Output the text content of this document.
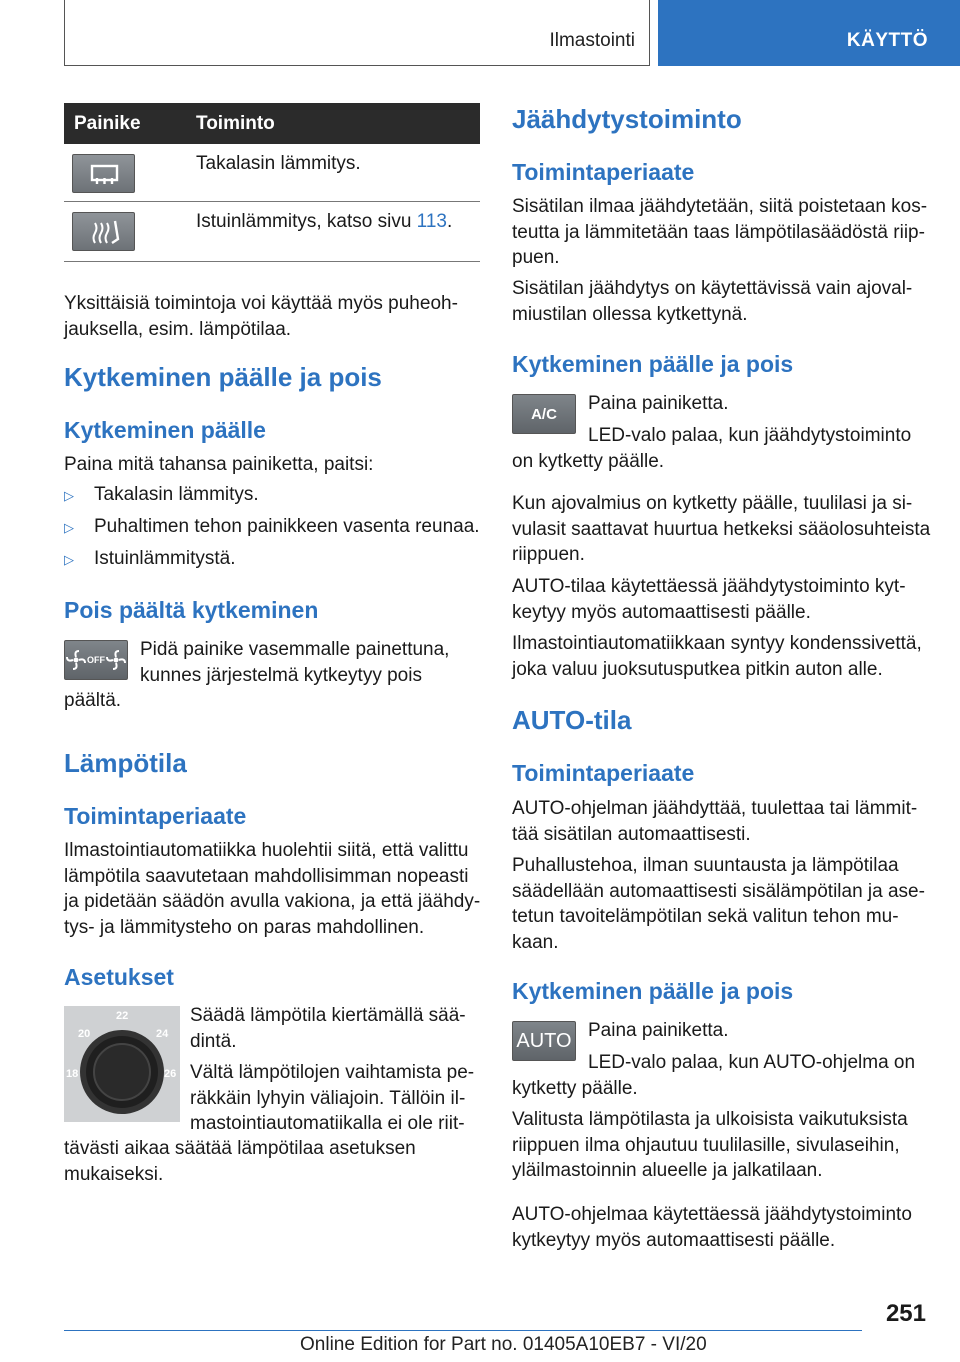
Ilmastointi	KÄYTTÖ
Painike	Toiminto
Takalasin lämmitys.
Istuinlämmitys, katso sivu 113.
Yksittäisiä toimintoja voi käyttää myös puheoh-
jauksella, esim. lämpötilaa.
Kytkeminen päälle ja pois
Kytkeminen päälle
Paina mitä tahansa painiketta, paitsi:
▷ Takalasin lämmitys.
▷ Puhaltimen tehon painikkeen vasenta reunaa.
▷ Istuinlämmitystä.
Pois päältä kytkeminen
OFF Pidä painike vasemmalle painettuna,
kunnes järjestelmä kytkeytyy pois
päältä.
Lämpötila
Toimintaperiaate
Ilmastointiautomatiikka huolehtii siitä, että valittu
lämpötila saavutetaan mahdollisimman nopeasti
ja pidetään säädön avulla vakiona, ja että jäähdy-
tys- ja lämmitysteho on paras mahdollinen.
Asetukset
20
22
24
18	26
Säädä lämpötila kiertämällä sää-
dintä.
Vältä lämpötilojen vaihtamista pe-
räkkäin lyhyin väliajoin. Tällöin il-
mastointiautomatiikalla ei ole riit-
tävästi aikaa säätää lämpötilaa asetuksen
mukaiseksi.
Jäähdytystoiminto
Toimintaperiaate
Sisätilan ilmaa jäähdytetään, siitä poistetaan kos-
teutta ja lämmitetään taas lämpötilasäädöstä riip-
puen.
Sisätilan jäähdytys on käytettävissä vain ajoval-
miustilan ollessa kytkettynä.
Kytkeminen päälle ja pois
A/C Paina painiketta.
LED-valo palaa, kun jäähdytystoiminto
on kytketty päälle.
Kun ajovalmius on kytketty päälle, tuulilasi ja si-
vulasit saattavat huurtua hetkeksi sääolosuhteista
riippuen.
AUTO-tilaa käytettäessä jäähdytystoiminto kyt-
keytyy myös automaattisesti päälle.
Ilmastointiautomatiikkaan syntyy kondenssivettä,
joka valuu juoksutusputkea pitkin auton alle.
AUTO-tila
Toimintaperiaate
AUTO-ohjelman jäähdyttää, tuulettaa tai lämmit-
tää sisätilan automaattisesti.
Puhallustehoa, ilman suuntausta ja lämpötilaa
säädellään automaattisesti sisälämpötilan ja ase-
tetun tavoitelämpötilan sekä valitun tehon mu-
kaan.
Kytkeminen päälle ja pois
AUTO Paina painiketta.
LED-valo palaa, kun AUTO-ohjelma on
kytketty päälle.
Valitusta lämpötilasta ja ulkoisista vaikutuksista
riippuen ilma ohjautuu tuulilasille, sivulaseihin,
yläilmastoinnin alueelle ja jalkatilaan.
AUTO-ohjelmaa käytettäessä jäähdytystoiminto
kytkeytyy myös automaattisesti päälle.
251
Online Edition for Part no. 01405A10EB7 - VI/20
